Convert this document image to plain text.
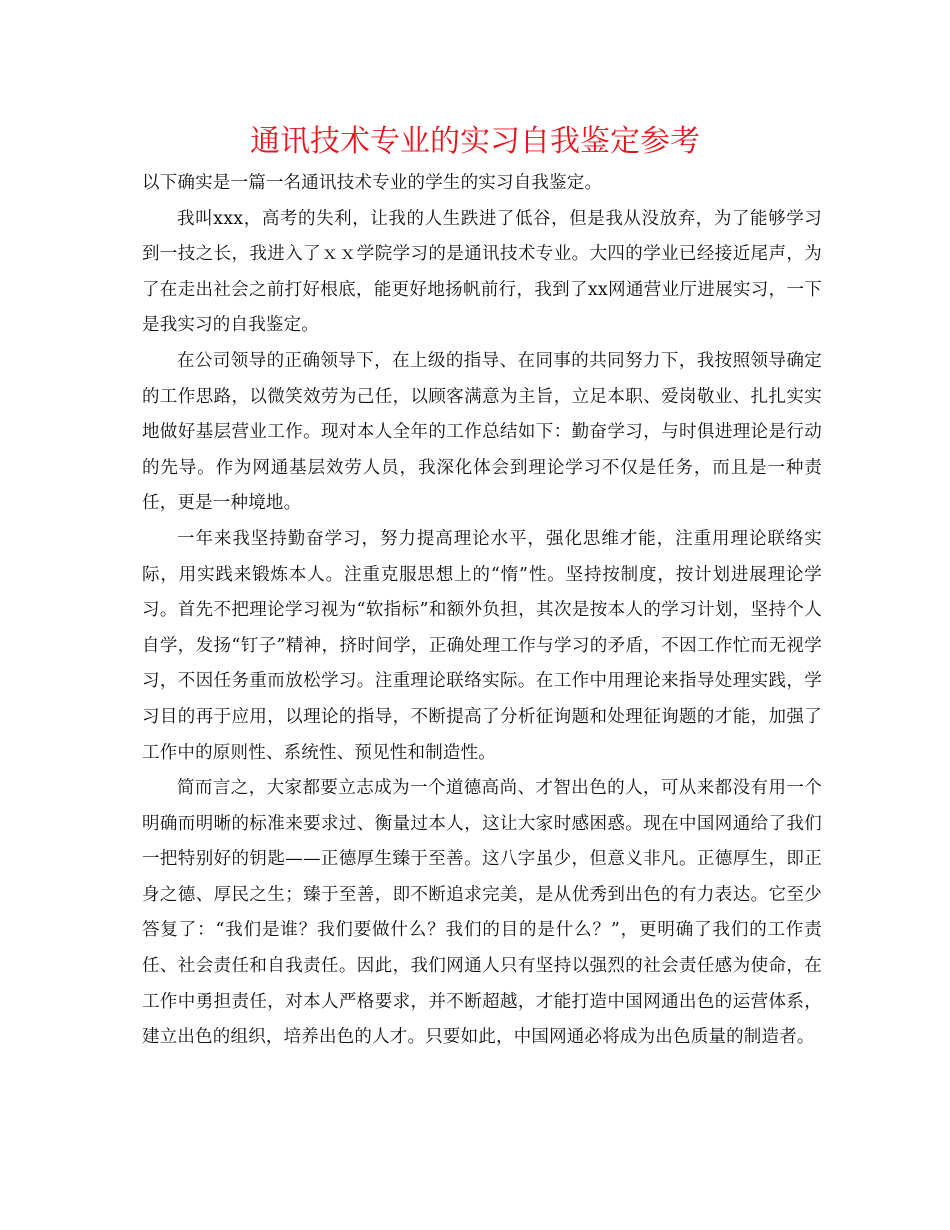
通讯技术专业的实习自我鉴定参考

以下确实是一篇一名通讯技术专业的学生的实习自我鉴定。

我叫xxx，高考的失利，让我的人生跌进了低谷，但是我从没放弃，为了能够学习到一技之长，我进入了ｘｘ学院学习的是通讯技术专业。大四的学业已经接近尾声，为了在走出社会之前打好根底，能更好地扬帆前行，我到了xx网通营业厅进展实习，一下是我实习的自我鉴定。

在公司领导的正确领导下，在上级的指导、在同事的共同努力下，我按照领导确定的工作思路，以微笑效劳为己任，以顾客满意为主旨，立足本职、爱岗敬业、扎扎实实地做好基层营业工作。现对本人全年的工作总结如下：勤奋学习，与时俱进理论是行动的先导。作为网通基层效劳人员，我深化体会到理论学习不仅是任务，而且是一种责任，更是一种境地。

一年来我坚持勤奋学习，努力提高理论水平，强化思维才能，注重用理论联络实际，用实践来锻炼本人。注重克服思想上的“惰”性。坚持按制度，按计划进展理论学习。首先不把理论学习视为“软指标”和额外负担，其次是按本人的学习计划，坚持个人自学，发扬“钉子”精神，挤时间学，正确处理工作与学习的矛盾，不因工作忙而无视学习，不因任务重而放松学习。注重理论联络实际。在工作中用理论来指导处理实践，学习目的再于应用，以理论的指导，不断提高了分析征询题和处理征询题的才能，加强了工作中的原则性、系统性、预见性和制造性。

简而言之，大家都要立志成为一个道德高尚、才智出色的人，可从来都没有用一个明确而明晰的标准来要求过、衡量过本人，这让大家时感困惑。现在中国网通给了我们一把特别好的钥匙——正德厚生臻于至善。这八字虽少，但意义非凡。正德厚生，即正身之德、厚民之生；臻于至善，即不断追求完美，是从优秀到出色的有力表达。它至少答复了：“我们是谁？我们要做什么？我们的目的是什么？”，更明确了我们的工作责任、社会责任和自我责任。因此，我们网通人只有坚持以强烈的社会责任感为使命，在工作中勇担责任，对本人严格要求，并不断超越，才能打造中国网通出色的运营体系，建立出色的组织，培养出色的人才。只要如此，中国网通必将成为出色质量的制造者。
